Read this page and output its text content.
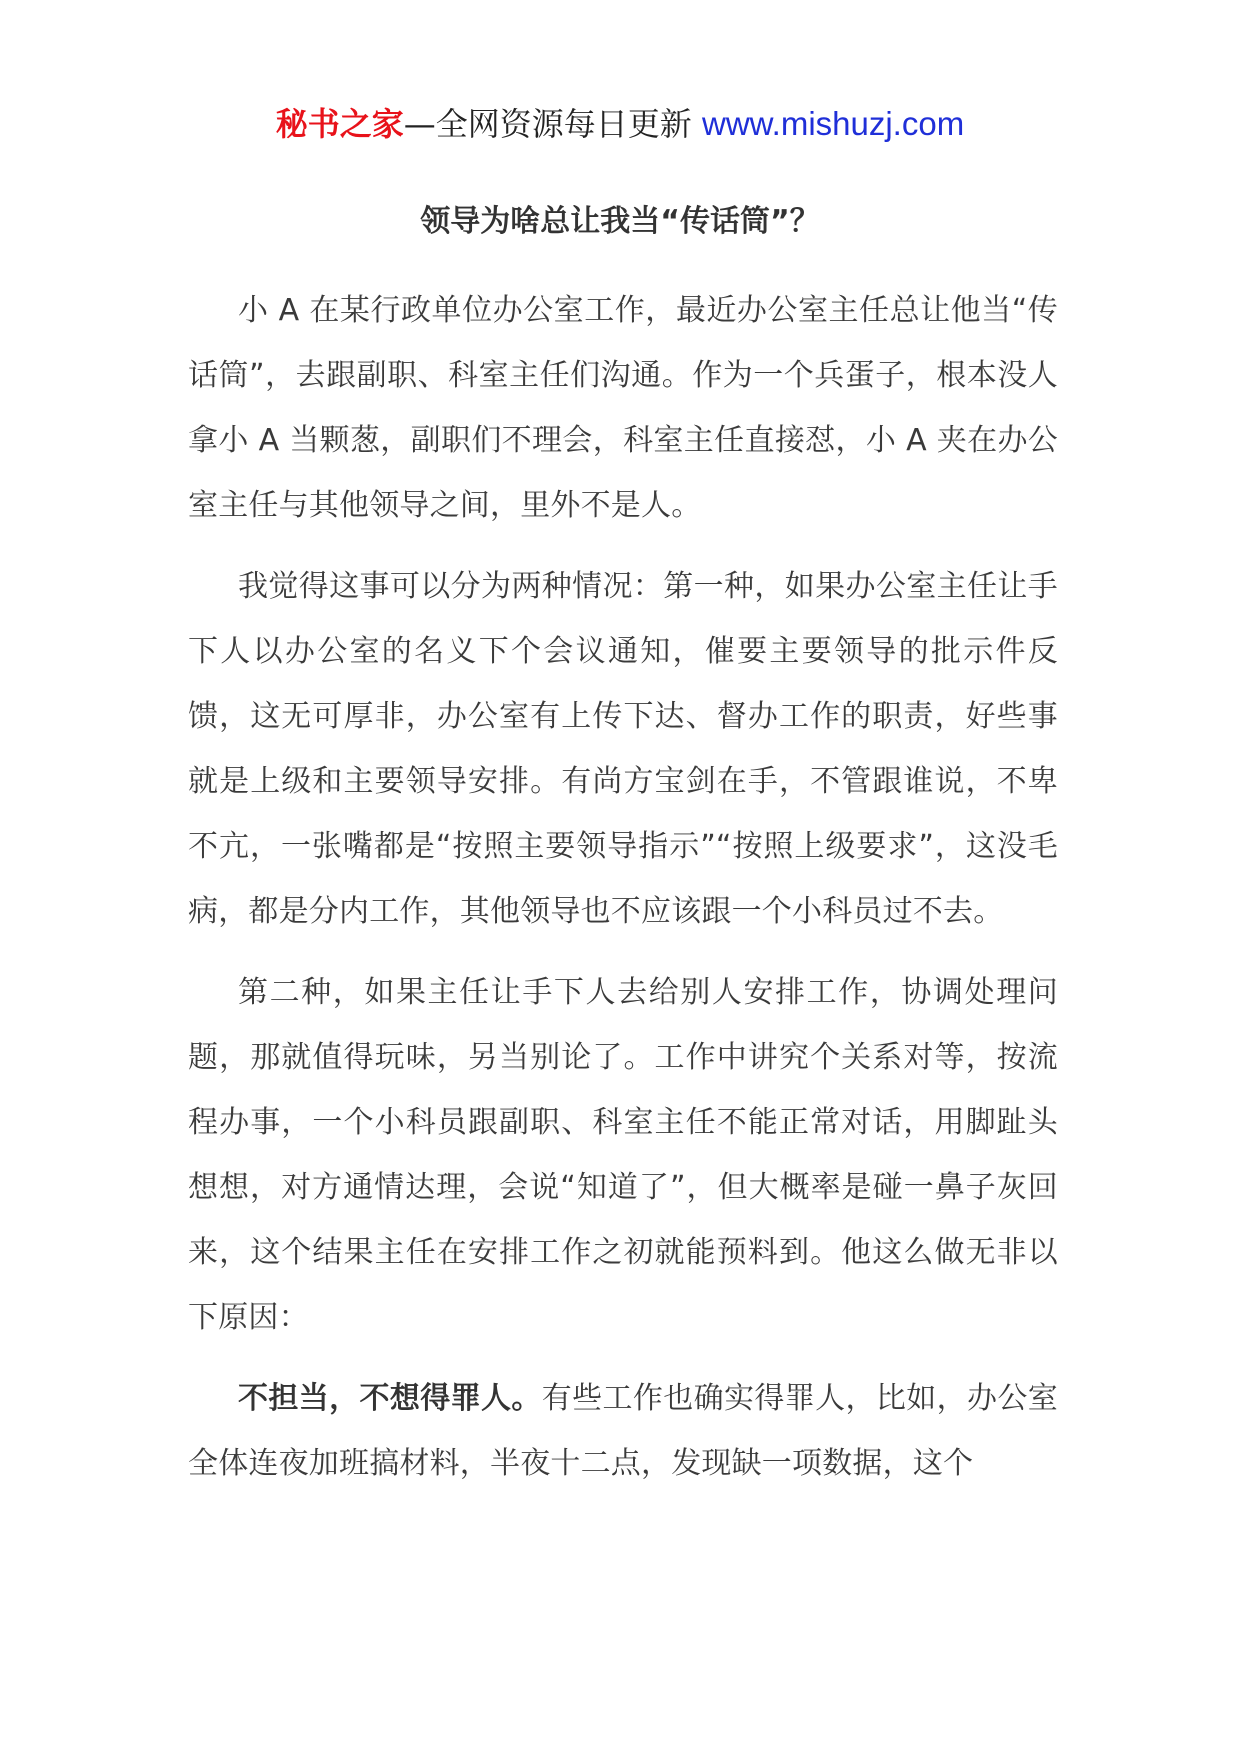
秘书之家—全网资源每日更新 www.mishuzj.com
领导为啥总让我当“传话筒”？

小 A 在某行政单位办公室工作，最近办公室主任总让他当“传话筒”，去跟副职、科室主任们沟通。作为一个兵蛋子，根本没人拿小 A 当颗葱，副职们不理会，科室主任直接怼，小 A 夹在办公室主任与其他领导之间，里外不是人。

我觉得这事可以分为两种情况：第一种，如果办公室主任让手下人以办公室的名义下个会议通知，催要主要领导的批示件反馈，这无可厚非，办公室有上传下达、督办工作的职责，好些事就是上级和主要领导安排。有尚方宝剑在手，不管跟谁说，不卑不亢，一张嘴都是“按照主要领导指示”“按照上级要求”，这没毛病，都是分内工作，其他领导也不应该跟一个小科员过不去。

第二种，如果主任让手下人去给别人安排工作，协调处理问题，那就值得玩味，另当别论了。工作中讲究个关系对等，按流程办事，一个小科员跟副职、科室主任不能正常对话，用脚趾头想想，对方通情达理，会说“知道了”，但大概率是碰一鼻子灰回来，这个结果主任在安排工作之初就能预料到。他这么做无非以下原因：

不担当，不想得罪人。有些工作也确实得罪人，比如，办公室全体连夜加班搞材料，半夜十二点，发现缺一项数据，这个
